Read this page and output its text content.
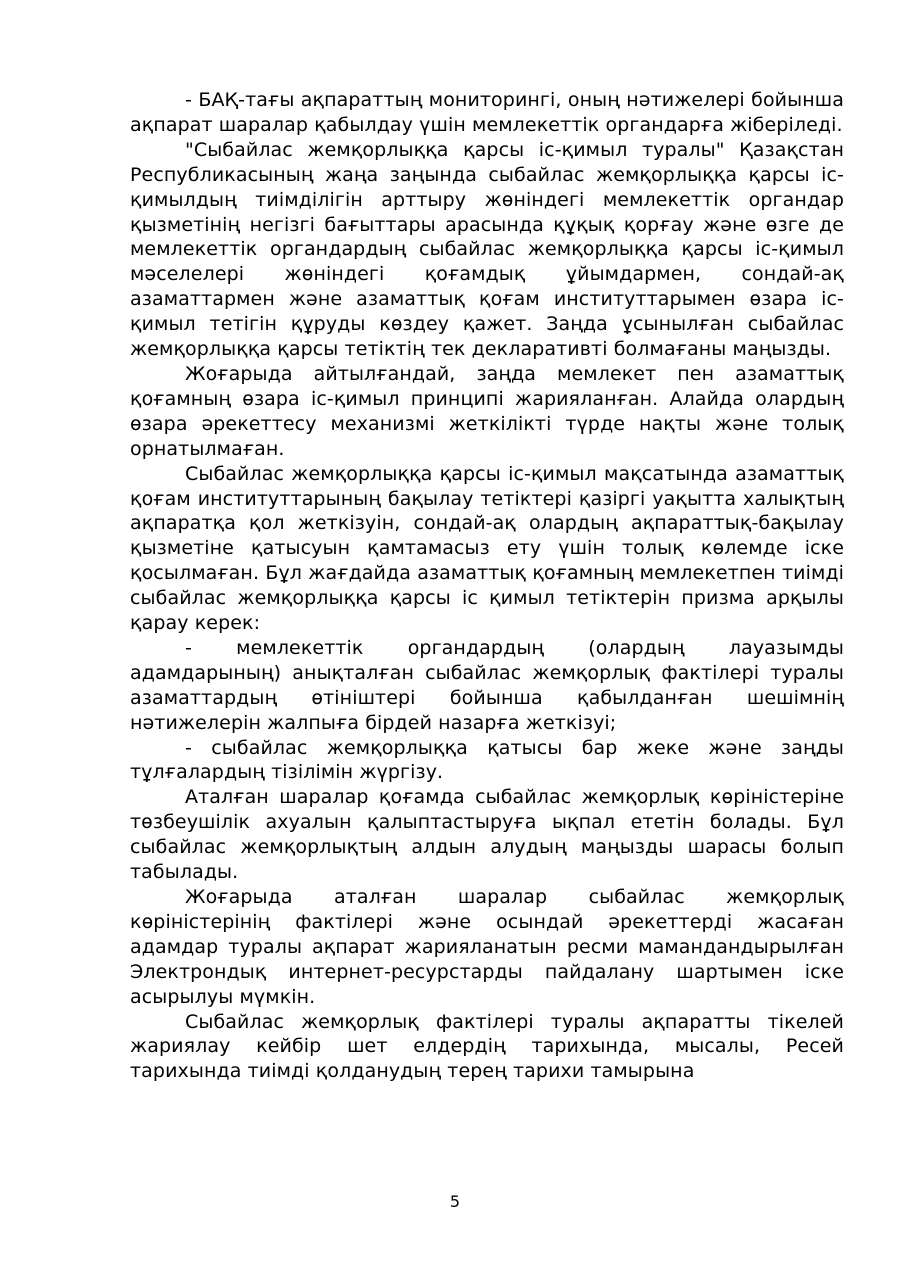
- БАҚ-тағы ақпараттың мониторингі, оның нәтижелері бойынша ақпарат шаралар қабылдау үшін мемлекеттік органдарға жіберіледі.

"Сыбайлас жемқорлыққа қарсы іс-қимыл туралы" Қазақстан Республикасының жаңа заңында сыбайлас жемқорлыққа қарсы іс-қимылдың тиімділігін арттыру жөніндегі мемлекеттік органдар қызметінің негізгі бағыттары арасында құқық қорғау және өзге де мемлекеттік органдардың сыбайлас жемқорлыққа қарсы іс-қимыл мәселелері жөніндегі қоғамдық ұйымдармен, сондай-ақ азаматтармен және азаматтық қоғам институттарымен өзара іс-қимыл тетігін құруды көздеу қажет. Заңда ұсынылған сыбайлас жемқорлыққа қарсы тетіктің тек декларативті болмағаны маңызды.

Жоғарыда айтылғандай, заңда мемлекет пен азаматтық қоғамның өзара іс-қимыл принципі жарияланған. Алайда олардың өзара әрекеттесу механизмі жеткілікті түрде нақты және толық орнатылмаған.

Сыбайлас жемқорлыққа қарсы іс-қимыл мақсатында азаматтық қоғам институттарының бақылау тетіктері қазіргі уақытта халықтың ақпаратқа қол жеткізуін, сондай-ақ олардың ақпараттық-бақылау қызметіне қатысуын қамтамасыз ету үшін толық көлемде іске қосылмаған. Бұл жағдайда азаматтық қоғамның мемлекетпен тиімді сыбайлас жемқорлыққа қарсы іс қимыл тетіктерін призма арқылы қарау керек:

- мемлекеттік органдардың (олардың лауазымды адамдарының) анықталған сыбайлас жемқорлық фактілері туралы азаматтардың өтініштері бойынша қабылданған шешімнің нәтижелерін жалпыға бірдей назарға жеткізуі;

- сыбайлас жемқорлыққа қатысы бар жеке және заңды тұлғалардың тізілімін жүргізу.

Аталған шаралар қоғамда сыбайлас жемқорлық көріністеріне төзбеушілік ахуалын қалыптастыруға ықпал ететін болады. Бұл сыбайлас жемқорлықтың алдын алудың маңызды шарасы болып табылады.

Жоғарыда аталған шаралар сыбайлас жемқорлық көріністерінің фактілері және осындай әрекеттерді жасаған адамдар туралы ақпарат жарияланатын ресми мамандандырылған Электрондық интернет-ресурстарды пайдалану шартымен іске асырылуы мүмкін.

Сыбайлас жемқорлық фактілері туралы ақпаратты тікелей жариялау кейбір шет елдердің тарихында, мысалы, Ресей тарихында тиімді қолданудың терең тарихи тамырына

5
